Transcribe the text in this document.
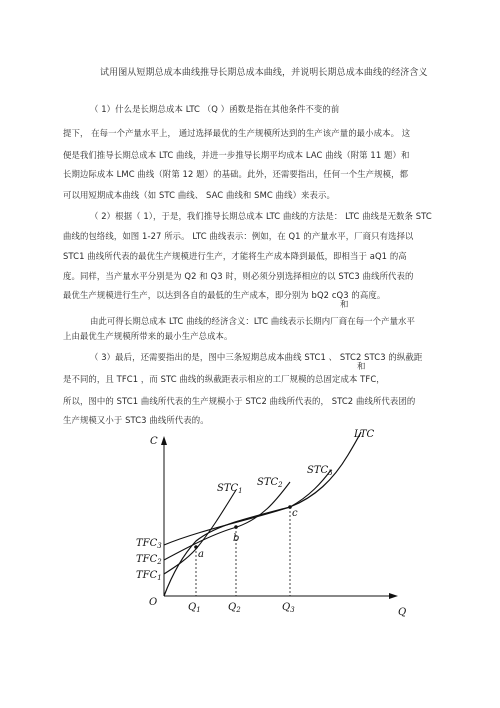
试用图从短期总成本曲线推导长期总成本曲线，并说明长期总成本曲线的经济含义
（ 1）什么是长期总成本 LTC （Q ）函数是指在其他条件不变的前
提下， 在每一个产量水平上， 通过选择最优的生产规模所达到的生产该产量的最小成本。 这
便是我们推导长期总成本 LTC 曲线，并进一步推导长期平均成本 LAC 曲线（附第 11 题）和
长期边际成本 LMC 曲线（附第 12 题）的基础。此外，还需要指出，任何一个生产规模，都
可以用短期成本曲线（如 STC 曲线、 SAC 曲线和 SMC 曲线）来表示。
（ 2）根据（ 1），于是，我们推导长期总成本 LTC 曲线的方法是： LTC 曲线是无数条 STC
曲线的包络线，如图 1-27 所示。 LTC 曲线表示：例如，在 Q1 的产量水平，厂商只有选择以
STC1 曲线所代表的最优生产规模进行生产，才能将生产成本降到最低，即相当于 aQ1 的高
度。同样，当产量水平分别是为 Q2 和 Q3 时，则必须分别选择相应的以 STC3 曲线所代表的
最优生产规模进行生产，以达到各自的最低的生产成本，即分别为 bQ2 cQ3 的高度。
和
由此可得长期总成本 LTC 曲线的经济含义：LTC 曲线表示长期内厂商在每一个产量水平
上由最优生产规模所带来的最小生产总成本。
（ 3）最后，还需要指出的是，图中三条短期总成本曲线 STC1 、 STC2 STC3 的纵截距
和
是不同的，且 TFC1 ，而 STC 曲线的纵截距表示相应的工厂规模的总固定成本 TFC，
所以，图中的 STC1 曲线所代表的生产规模小于 STC2 曲线所代表的， STC2 曲线所代表团的
生产规模又小于 STC3 曲线所代表的。
C
Q
O
a
b
c
$STC_1$
$STC_2$
$STC_3$
LTC
$TFC_3$
$TFC_2$
$TFC_1$
$Q_1$	$Q_2$	$Q_3$
